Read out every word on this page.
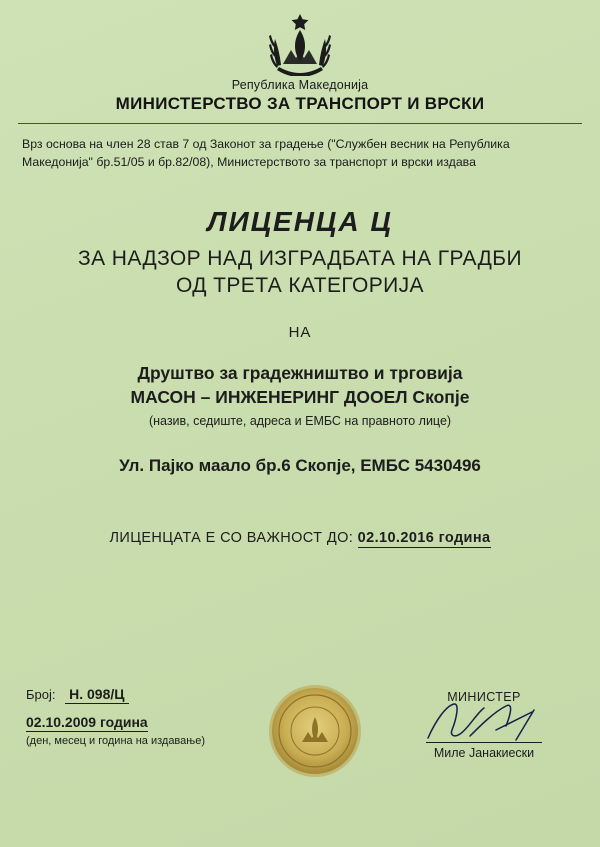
Република Македонија
МИНИСТЕРСТВО ЗА ТРАНСПОРТ И ВРСКИ
Врз основа на член 28 став 7 од Законот за градење ("Службен весник на Република Македонија" бр.51/05 и бр.82/08), Министерството за транспорт и врски издава
ЛИЦЕНЦА Ц
ЗА НАДЗОР НАД ИЗГРАДБАТА НА ГРАДБИ
ОД ТРЕТА КАТЕГОРИЈА
НА
Друштво за градежништво и трговија
МАСОН – ИНЖЕНЕРИНГ ДООЕЛ Скопје
(назив, седиште, адреса и ЕМБС на правното лице)
Ул. Пајко маало бр.6 Скопје, ЕМБС 5430496
ЛИЦЕНЦАТА Е СО ВАЖНОСТ ДО: 02.10.2016 година
Број: Н. 098/Ц
02.10.2009 година
(ден, месец и година на издавање)
МИНИСТЕР
Миле Јанакиески
